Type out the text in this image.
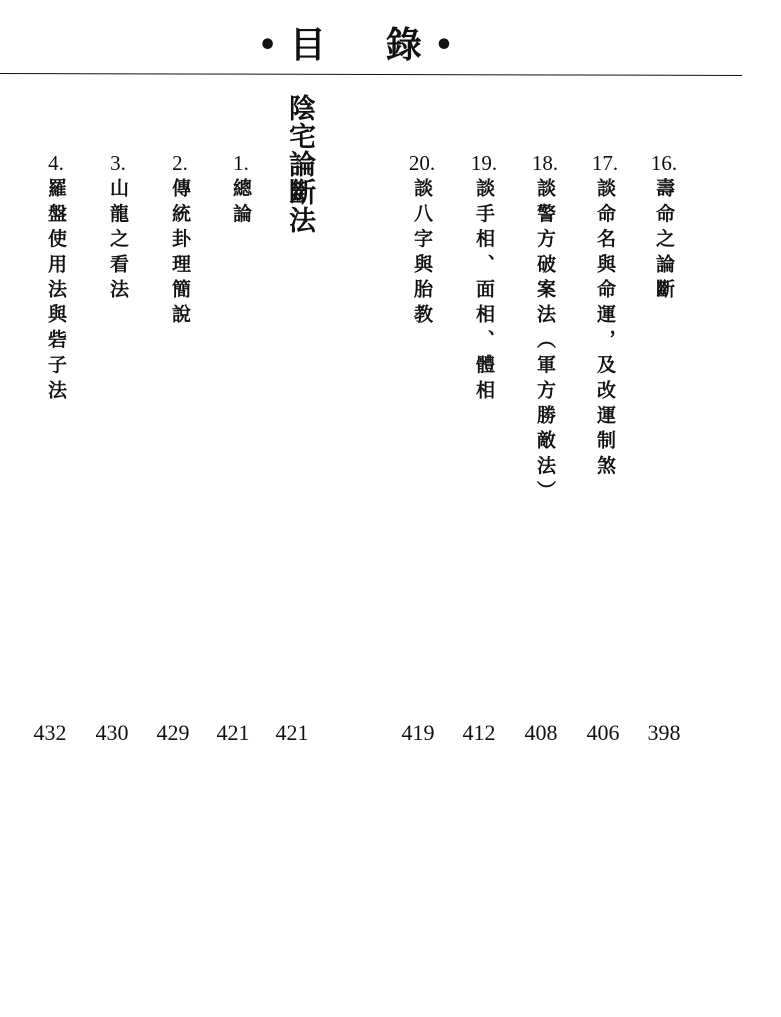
• 目 錄 •
16.
壽命之論斷
17.
談命名與命運，及改運制煞
18.
談警方破案法（軍方勝敵法）
19.
談手相、面相、體相
20.
談八字與胎教
陰宅論斷法
1.
總論
2.
傳統卦理簡說
3.
山龍之看法
4.
羅盤使用法與砦子法
398
406
408
412
419
421
421
429
430
432
